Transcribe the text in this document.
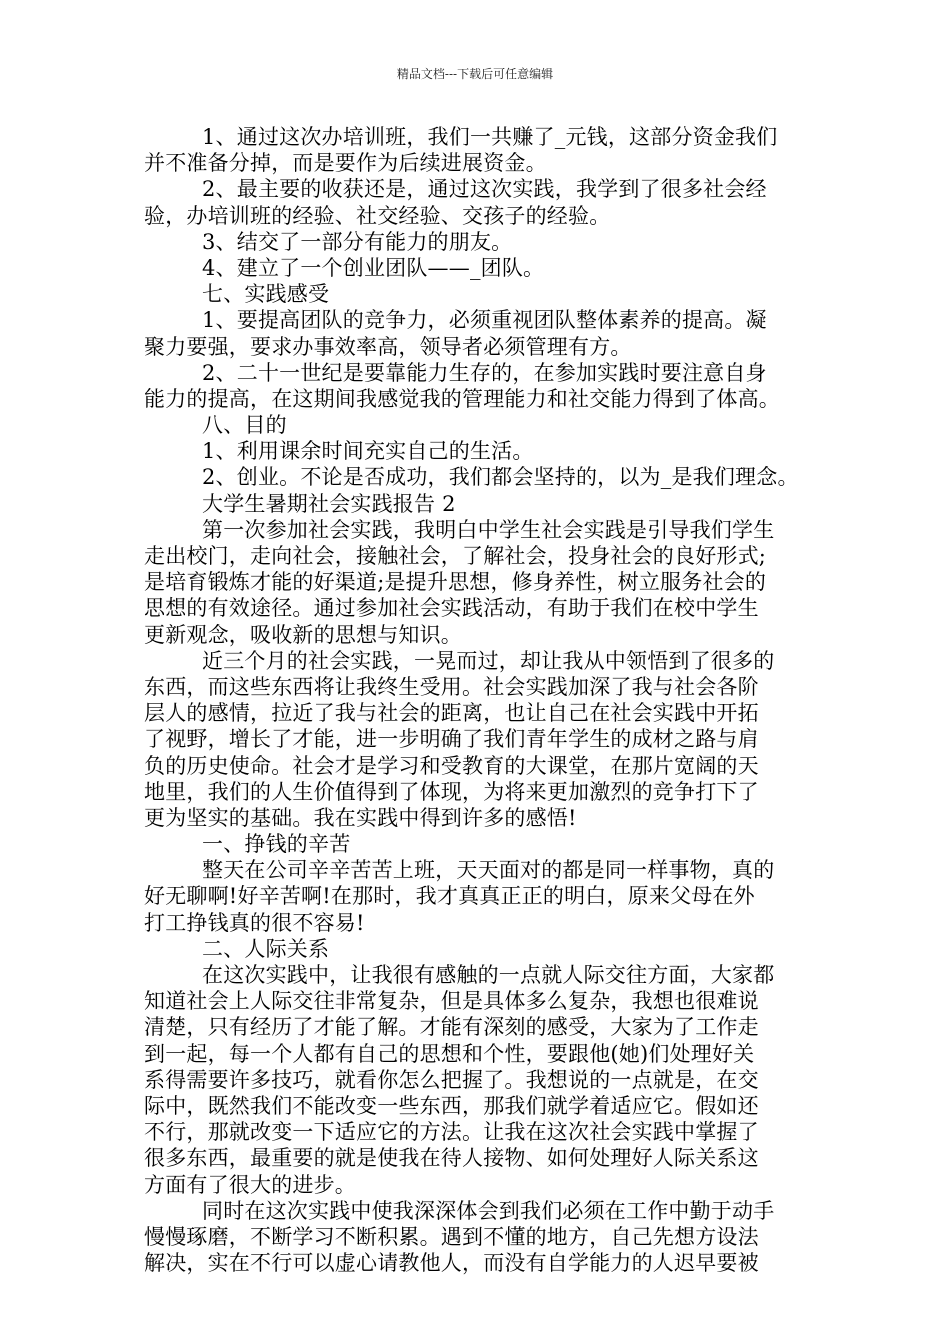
精品文档---下载后可任意编辑
1、通过这次办培训班，我们一共赚了_元钱，这部分资金我们
并不准备分掉，而是要作为后续进展资金。
2、最主要的收获还是，通过这次实践，我学到了很多社会经
验，办培训班的经验、社交经验、交孩子的经验。
3、结交了一部分有能力的朋友。
4、建立了一个创业团队——_团队。
七、实践感受
1、要提高团队的竞争力，必须重视团队整体素养的提高。凝
聚力要强，要求办事效率高，领导者必须管理有方。
2、二十一世纪是要靠能力生存的，在参加实践时要注意自身
能力的提高，在这期间我感觉我的管理能力和社交能力得到了体高。
八、目的
1、利用课余时间充实自己的生活。
2、创业。不论是否成功，我们都会坚持的，以为_是我们理念。
大学生暑期社会实践报告 2
第一次参加社会实践，我明白中学生社会实践是引导我们学生
走出校门，走向社会，接触社会，了解社会，投身社会的良好形式;
是培育锻炼才能的好渠道;是提升思想，修身养性，树立服务社会的
思想的有效途径。通过参加社会实践活动，有助于我们在校中学生
更新观念，吸收新的思想与知识。
近三个月的社会实践，一晃而过，却让我从中领悟到了很多的
东西，而这些东西将让我终生受用。社会实践加深了我与社会各阶
层人的感情，拉近了我与社会的距离，也让自己在社会实践中开拓
了视野，增长了才能，进一步明确了我们青年学生的成材之路与肩
负的历史使命。社会才是学习和受教育的大课堂，在那片宽阔的天
地里，我们的人生价值得到了体现，为将来更加激烈的竞争打下了
更为坚实的基础。我在实践中得到许多的感悟!
一、挣钱的辛苦
整天在公司辛辛苦苦上班，天天面对的都是同一样事物，真的
好无聊啊!好辛苦啊!在那时，我才真真正正的明白，原来父母在外
打工挣钱真的很不容易!
二、人际关系
在这次实践中，让我很有感触的一点就人际交往方面，大家都
知道社会上人际交往非常复杂，但是具体多么复杂，我想也很难说
清楚，只有经历了才能了解。才能有深刻的感受，大家为了工作走
到一起，每一个人都有自己的思想和个性，要跟他(她)们处理好关
系得需要许多技巧，就看你怎么把握了。我想说的一点就是，在交
际中，既然我们不能改变一些东西，那我们就学着适应它。假如还
不行，那就改变一下适应它的方法。让我在这次社会实践中掌握了
很多东西，最重要的就是使我在待人接物、如何处理好人际关系这
方面有了很大的进步。
同时在这次实践中使我深深体会到我们必须在工作中勤于动手
慢慢琢磨，不断学习不断积累。遇到不懂的地方，自己先想方设法
解决，实在不行可以虚心请教他人，而没有自学能力的人迟早要被
